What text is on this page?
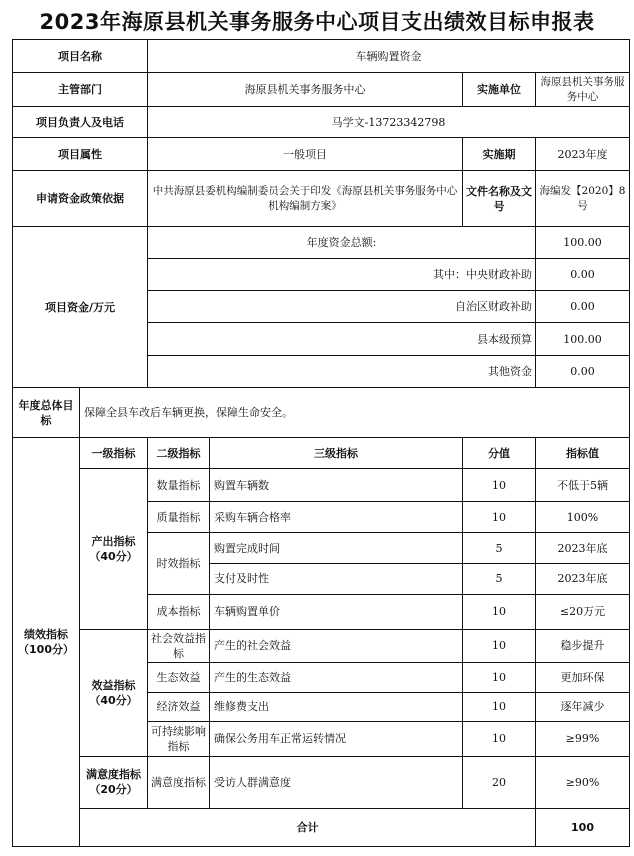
2023年海原县机关事务服务中心项目支出绩效目标申报表
项目名称		车辆购置资金				
主管部门		海原县机关事务服务中心		实施单位	海原县机关事务服务中心	
项目负责人及电话		马学文-13723342798				
项目属性		一般项目		实施期	2023年度	
申请资金政策依据		中共海原县委机构编制委员会关于印发《海原县机关事务服务中心机构编制方案》		文件名称及文号	海编发【2020】8号	
项目资金/万元		年度资金总额:			100.00	
		其中：中央财政补助			0.00	
		自治区财政补助			0.00	
		县本级预算			100.00	
		其他资金			0.00	
年度总体目标	保障全县车改后车辆更换，保障生命安全。					
绩效指标（100分）	一级指标	二级指标	三级指标	分值	指标值	
	产出指标（40分）	数量指标	购置车辆数	10	不低于5辆	
		质量指标	采购车辆合格率	10	100%	
		时效指标	购置完成时间	5	2023年底	
			支付及时性	5	2023年底	
		成本指标	车辆购置单价	10	≤20万元	
	效益指标（40分）	社会效益指标	产生的社会效益	10	稳步提升	
		生态效益	产生的生态效益	10	更加环保	
		经济效益	维修费支出	10	逐年减少	
		可持续影响指标	确保公务用车正常运转情况	10	≥99%	
	满意度指标（20分）	满意度指标	受访人群满意度	20	≥90%	
	合计				100	
